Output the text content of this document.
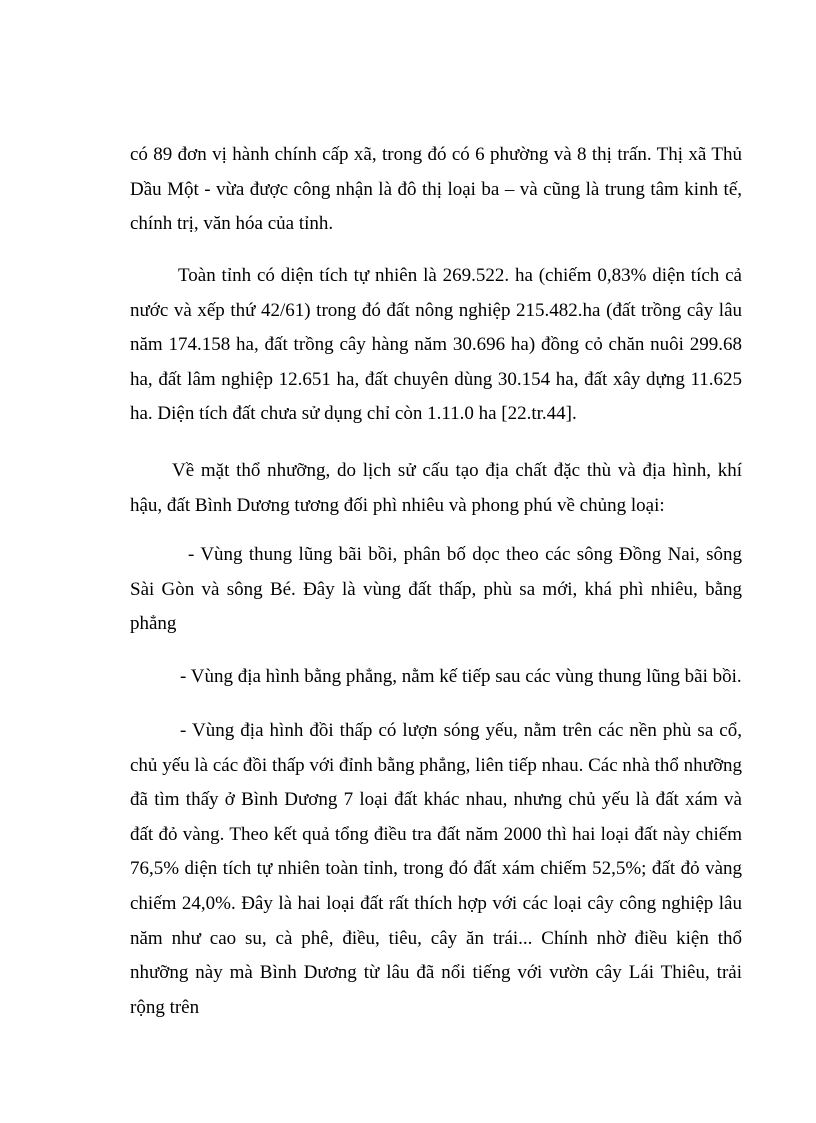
có 89 đơn vị hành chính cấp xã, trong đó có 6 phường và 8 thị trấn. Thị xã Thủ Dầu Một - vừa được công nhận là đô thị loại ba – và cũng là trung tâm kinh tế, chính trị, văn hóa của tỉnh.

Toàn tỉnh có diện tích tự nhiên là 269.522. ha (chiếm 0,83% diện tích cả nước và xếp thứ 42/61) trong đó đất nông nghiệp 215.482.ha (đất trồng cây lâu năm 174.158 ha, đất trồng cây hàng năm 30.696 ha) đồng cỏ chăn nuôi 299.68 ha, đất lâm nghiệp 12.651 ha, đất chuyên dùng 30.154 ha, đất xây dựng 11.625 ha. Diện tích đất chưa sử dụng chỉ còn 1.11.0 ha [22.tr.44].

Về mặt thổ nhưỡng, do lịch sử cấu tạo địa chất đặc thù và địa hình, khí hậu, đất Bình Dương tương đối phì nhiêu và phong phú về chủng loại:

- Vùng thung lũng bãi bồi, phân bố dọc theo các sông Đồng Nai, sông Sài Gòn và sông Bé. Đây là vùng đất thấp, phù sa mới, khá phì nhiêu, bằng phẳng

- Vùng địa hình bằng phẳng, nằm kế tiếp sau các vùng thung lũng bãi bồi.

- Vùng địa hình đồi thấp có lượn sóng yếu, nằm trên các nền phù sa cổ, chủ yếu là các đồi thấp với đỉnh bằng phẳng, liên tiếp nhau. Các nhà thổ nhưỡng đã tìm thấy ở Bình Dương 7 loại đất khác nhau, nhưng chủ yếu là đất xám và đất đỏ vàng. Theo kết quả tổng điều tra đất năm 2000 thì hai loại đất này chiếm 76,5% diện tích tự nhiên toàn tỉnh, trong đó đất xám chiếm 52,5%; đất đỏ vàng chiếm 24,0%. Đây là hai loại đất rất thích hợp với các loại cây công nghiệp lâu năm như cao su, cà phê, điều, tiêu, cây ăn trái... Chính nhờ điều kiện thổ nhưỡng này mà Bình Dương từ lâu đã nổi tiếng với vườn cây Lái Thiêu, trải rộng trên
